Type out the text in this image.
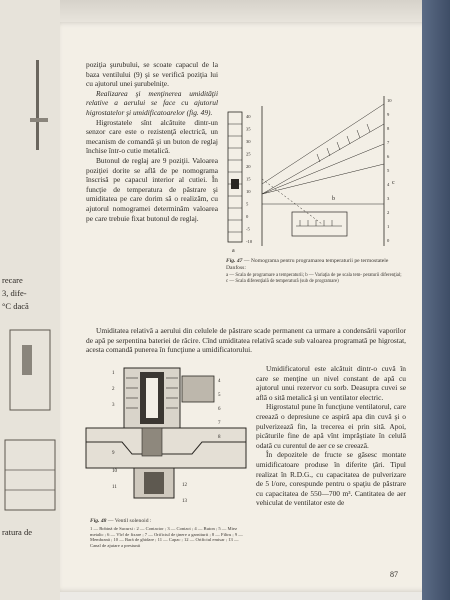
recare
3, dife-
°C dacă
ratura de

poziţia şurubului, se scoate capacul de la baza ventilului (9) şi se verifică poziţia lui cu ajutorul unei şurubelniţe.

Realizarea şi menţinerea umidităţii relative a aerului se face cu ajutorul higrostatelor şi umidificatoarelor (fig. 49).

Higrostatele sînt alcătuite dintr-un senzor care este o rezistenţă electrică, un mecanism de comandă şi un buton de reglaj închise într-o cutie metalică.

Butonul de reglaj are 9 poziţii. Valoarea poziţiei dorite se află de pe nomograma înscrisă pe capacul interior al cutiei. În funcţie de temperatura de păstrare şi umiditatea pe care dorim să o realizăm, cu ajutorul nomogramei determinăm valoarea pe care trebuie fixat butonul de reglaj.

a
b
c
40
35
30
25
20
15
10
5
0
-5
-10
10
9
8
7
6
5
4
3
2
1
0
Fig. 47 — Nomograma pentru programarea temperaturii pe termostatele Danfoss:
a — Scala de programare a temperaturii; b — Variaţia de pe scala tem- peraturii diferenţial; c — Scala diferenţială de temperatură (sub de programare)

Umiditatea relativă a aerului din celulele de păstrare scade permanent ca urmare a condensării vaporilor de apă pe serpentina bateriei de răcire. Cînd umiditatea relativă scade sub valoarea programată pe higrostat, acesta comandă punerea în funcţiune a umidificatorului.

1
2
3
4
5
6
7
8
9
10
11	12
13
Fig. 48 — Ventil solenoid :
1 — Bobină de Sucursi : 2 — Contactor ; 3 — Contact ; 4 — Buton ; 5 — Miez metalic ; 6 — Vîrf de fixare ; 7 — Orificiul de ţinere a garniturii ; 8 — Filtru ; 9 — Membrană ; 10 — Bară de ghidare ; 11 — Capac ; 12 — Orificiul emisar ; 13 — Canal de ajutare a presiunii

Umidificatorul este alcătuit dintr-o cuvă în care se menţine un nivel constant de apă cu ajutorul unui rezervor cu sorb. Deasupra cuvei se află o sită metalică şi un ventilator electric.

Higrostatul pune în funcţiune ventilatorul, care creează o depresiune ce aspiră apa din cuvă şi o pulverizează fin, la trecerea ei prin sită. Apoi, picăturile fine de apă vînt imprăştiate în celulă odată cu curentul de aer ce se creează.

În depozitele de fructe se găsesc montate umidificatoare produse în diferite ţări. Tipul realizat în R.D.G., cu capacitatea de pulverizare de 5 l/ore, corespunde pentru o spaţiu de păstrare cu capacitatea de 550—700 m³. Cantitatea de aer vehiculat de ventilator este de

87
